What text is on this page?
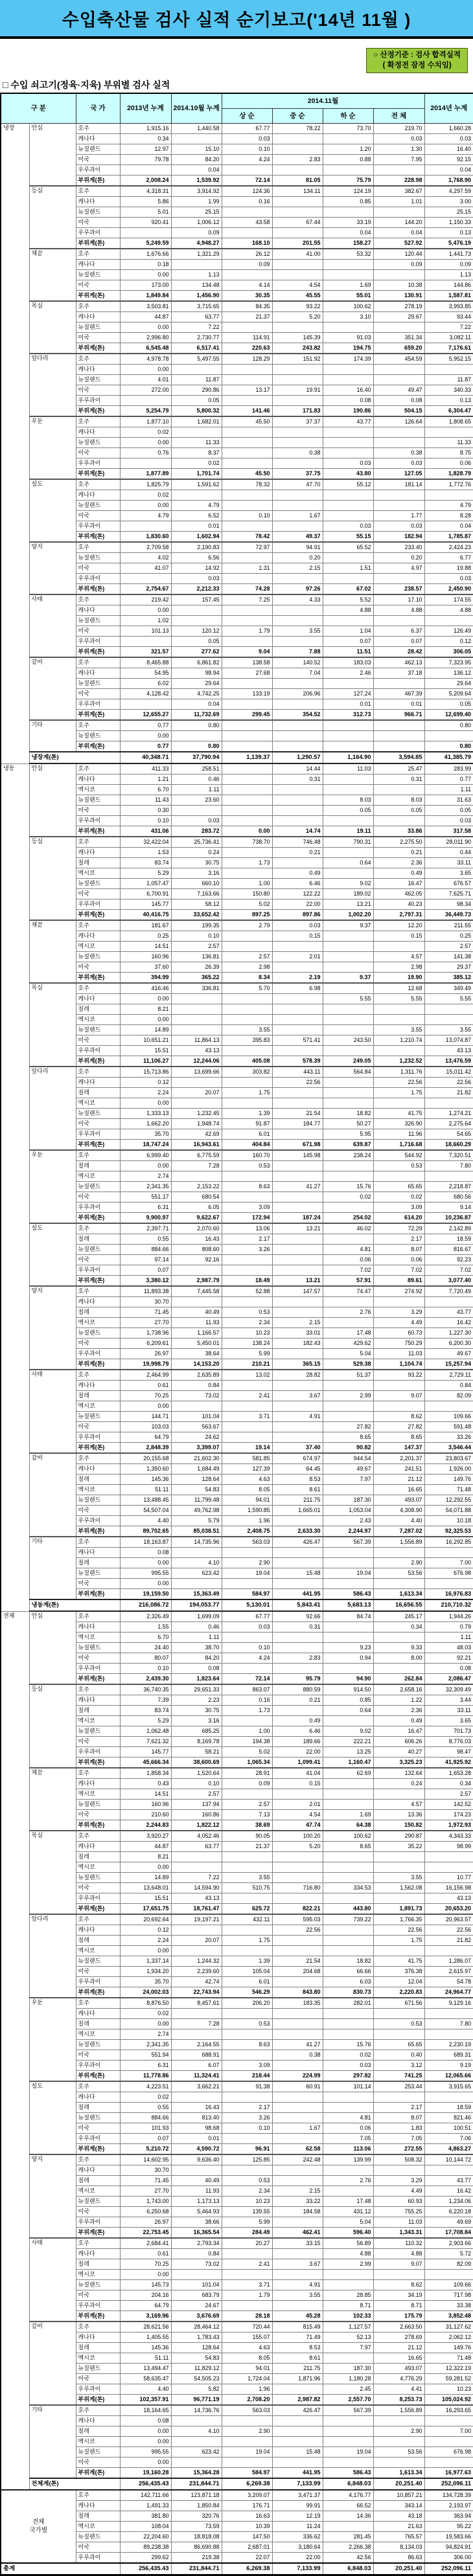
수입축산물 검사 실적 순기보고('14년 11월 )
○ 산정기준 : 검사 합격실적
( 확정전 잠정 수치임)
□ 수입 쇠고기(정육·지육) 부위별 검사 실적
구 분		국 가	2013년 누계	2014.10월 누계	2014.11월				2014년 누계
					상 순	중 순	하 순	전 체	
냉장	안심	호주	1,915.16	1,440.58	67.77	78.22	73.70	219.70	1,660.28
		캐나다	0.34		0.03			0.03	0.03
		뉴질랜드	12.97	15.10	0.10		1.20	1.30	16.40
		미국	79.78	84.20	4.24	2.83	0.88	7.95	92.15
		우루과이		0.04					0.04
		부위계(톤)	2,008.24	1,539.92	72.14	81.05	75.79	228.98	1,768.90
	등심	호주	4,318.31	3,914.92	124.36	134.11	124.19	382.67	4,297.59
		캐나다	5.86	1.99	0.16		0.85	1.01	3.00
		뉴질랜드	5.01	25.15					25.15
		미국	920.41	1,006.12	43.58	67.44	33.19	144.20	1,150.33
		우루과이		0.09			0.04	0.04	0.13
		부위계(톤)	5,249.59	4,948.27	168.10	201.55	158.27	527.92	5,476.19
	채끝	호주	1,676.66	1,321.29	26.12	41.00	53.32	120.44	1,441.73
		캐나다	0.18		0.09			0.09	0.09
		뉴질랜드	0.00	1.13					1.13
		미국	173.00	134.48	4.14	4.54	1.69	10.38	144.86
		부위계(톤)	1,849.84	1,456.90	30.35	45.55	55.01	130.91	1,587.81
	목심	호주	3,503.81	3,715.65	84.35	93.22	100.62	278.19	3,993.85
		캐나다	44.87	63.77	21.37	5.20	3.10	29.67	93.44
		뉴질랜드	0.00	7.22					7.22
		미국	2,996.80	2,730.77	114.91	145.39	91.03	351.34	3,082.11
		부위계(톤)	6,545.48	6,517.41	220.63	243.82	194.75	659.20	7,176.61
	앞다리	호주	4,978.78	5,497.55	128.29	151.92	174.39	454.59	5,952.15
		캐나다	0.00						
		뉴질랜드	4.01	11.87					11.87
		미국	272.00	290.86	13.17	19.91	16.40	49.47	340.33
		우루과이		0.05			0.08	0.08	0.13
		부위계(톤)	5,254.79	5,800.32	141.46	171.83	190.86	504.15	6,304.47
	우둔	호주	1,877.10	1,682.01	45.50	37.37	43.77	126.64	1,808.65
		캐나다	0.02						
		뉴질랜드	0.00	11.33					11.33
		미국	0.76	8.37		0.38		0.38	8.75
		우루과이		0.02			0.03	0.03	0.06
		부위계(톤)	1,877.89	1,701.74	45.50	37.75	43.80	127.05	1,828.79
	설도	호주	1,825.79	1,591.62	78.32	47.70	55.12	181.14	1,772.76
		캐나다	0.02						
		뉴질랜드	0.00	4.79					4.79
		미국	4.79	6.52	0.10	1.67		1.77	8.28
		우루과이		0.01			0.03	0.03	0.04
		부위계(톤)	1,830.60	1,602.94	78.42	49.37	55.15	182.94	1,785.87
	양지	호주	2,709.58	2,190.83	72.97	94.91	65.52	233.40	2,424.23
		뉴질랜드	4.02	6.56		0.20		0.20	6.77
		미국	41.07	14.92	1.31	2.15	1.51	4.97	19.88
		우루과이		0.03					0.03
		부위계(톤)	2,754.67	2,212.33	74.28	97.26	67.02	238.57	2,450.90
	사태	호주	219.42	157.45	7.25	4.33	5.52	17.10	174.55
		캐나다	0.00				4.88	4.88	4.88
		뉴질랜드	1.02						
		미국	101.13	120.12	1.79	3.55	1.04	6.37	126.49
		우루과이		0.05			0.07	0.07	0.12
		부위계(톤)	321.57	277.62	9.04	7.88	11.51	28.42	306.05
	갈비	호주	8,465.88	6,861.82	138.58	140.52	183.03	462.13	7,323.95
		캐나다	54.95	98.94	27.68	7.04	2.46	37.18	136.12
		뉴질랜드	6.02	29.64					29.64
		미국	4,128.42	4,742.25	133.19	206.96	127.24	467.39	5,209.64
		우루과이		0.04			0.01	0.01	0.05
		부위계(톤)	12,655.27	11,732.69	299.45	354.52	312.73	966.71	12,699.40
	기타	호주	0.77	0.80					0.80
		뉴질랜드	0.00						
		부위계(톤)	0.77	0.80					0.80
	냉장계(톤)		40,348.71	37,790.94	1,139.37	1,290.57	1,164.90	3,594.85	41,385.79
냉동	안심	호주	411.33	258.51		14.44	11.03	25.47	283.99
		캐나다	1.21	0.46		0.31		0.31	0.77
		멕시코	6.70	1.11					1.11
		뉴질랜드	11.43	23.60			8.03	8.03	31.63
		미국	0.30				0.05	0.05	0.05
		우루과이	0.10	0.03					0.03
		부위계(톤)	431.06	283.72	0.00	14.74	19.11	33.86	317.58
	등심	호주	32,422.04	25,736.41	738.70	746.48	790.31	2,275.50	28,011.90
		캐나다	1.53	0.24		0.21		0.21	0.44
		칠레	83.74	30.75	1.73		0.64	2.36	33.11
		멕시코	5.29	3.16		0.49		0.49	3.65
		뉴질랜드	1,057.47	660.10	1.00	6.46	9.02	16.47	676.57
		미국	6,700.91	7,163.66	150.80	122.22	189.02	462.05	7,625.71
		우루과이	145.77	58.12	5.02	22.00	13.21	40.23	98.34
		부위계(톤)	40,416.75	33,652.42	897.25	897.86	1,002.20	2,797.31	36,449.73
	채끝	호주	181.67	199.35	2.79	0.03	9.37	12.20	211.55
		캐나다	0.25	0.10		0.15		0.15	0.25
		멕시코	14.51	2.57					2.57
		뉴질랜드	160.96	136.81	2.57	2.01		4.57	141.38
		미국	37.60	26.39	2.98			2.98	29.37
		부위계(톤)	394.99	365.22	8.34	2.19	9.37	19.90	385.12
	목심	호주	416.46	336.81	5.70	6.98		12.68	349.49
		캐나다	0.00				5.55	5.55	5.55
		칠레	8.21						
		멕시코	0.00						
		뉴질랜드	14.89		3.55			3.55	3.55
		미국	10,651.21	11,864.13	395.83	571.41	243.50	1,210.74	13,074.87
		우루과이	15.51	43.13					43.13
		부위계(톤)	11,106.27	12,244.06	405.08	578.39	249.05	1,232.52	13,476.59
	앞다리	호주	15,713.86	13,699.66	303.82	443.11	564.84	1,311.76	15,011.42
		캐나다	0.12			22.56		22.56	22.56
		칠레	2.24	20.07	1.75			1.75	21.82
		멕시코	0.00						
		뉴질랜드	1,333.13	1,232.45	1.39	21.54	18.82	41.75	1,274.21
		미국	1,662.20	1,948.74	91.87	184.77	50.27	326.90	2,275.64
		우루과이	35.70	42.69	6.01		5.95	11.96	54.65
		부위계(톤)	18,747.24	16,943.61	404.84	671.98	639.87	1,716.68	18,660.29
	우둔	호주	6,999.40	6,775.59	160.70	145.98	238.24	544.92	7,320.51
		칠레	0.00	7.28	0.53			0.53	7.80
		멕시코	2.74						
		뉴질랜드	2,341.35	2,153.22	8.63	41.27	15.76	65.65	2,218.87
		미국	551.17	680.54			0.02	0.02	680.56
		우루과이	6.31	6.05	3.09			3.09	9.14
		부위계(톤)	9,900.97	9,622.67	172.94	187.24	254.02	614.20	10,236.87
	설도	호주	2,397.71	2,070.60	13.06	13.21	46.02	72.29	2,142.89
		칠레	0.55	16.43	2.17			2.17	18.59
		뉴질랜드	884.66	808.60	3.26		4.81	8.07	816.67
		미국	97.14	92.16			0.06	0.06	92.23
		우루과이	0.07				7.02	7.02	7.02
		부위계(톤)	3,380.12	2,987.79	18.49	13.21	57.91	89.61	3,077.40
	양지	호주	11,893.38	7,445.58	52.88	147.57	74.47	274.92	7,720.49
		캐나다	30.70						
		칠레	71.45	40.49	0.53		2.76	3.29	43.77
		멕시코	27.70	11.93	2.34	2.15		4.49	16.42
		뉴질랜드	1,738.96	1,166.57	10.23	33.01	17.48	60.73	1,227.30
		미국	6,209.61	5,450.01	138.24	182.43	429.62	750.29	6,200.30
		우루과이	26.97	38.64	5.99		5.04	11.03	49.67
		부위계(톤)	19,998.79	14,153.20	210.21	365.15	529.38	1,104.74	15,257.94
	사태	호주	2,464.99	2,635.89	13.02	28.82	51.37	93.22	2,729.11
		캐나다	0.61	0.84					0.84
		칠레	70.25	73.02	2.41	3.67	2.99	9.07	82.09
		멕시코	0.00						
		뉴질랜드	144.71	101.04	3.71	4.91		8.62	109.66
		미국	103.03	563.67			27.82	27.82	591.48
		우루과이	64.79	24.62			8.65	8.65	33.26
		부위계(톤)	2,848.39	3,399.07	19.14	37.40	90.82	147.37	3,546.44
	갈비	호주	20,155.68	21,602.30	581.85	674.97	944.54	2,201.37	23,803.67
		캐나다	1,350.60	1,684.49	127.39	64.45	49.67	241.51	1,926.00
		칠레	145.36	128.64	4.63	8.53	7.97	21.12	149.76
		멕시코	51.11	54.83	8.05	8.61		16.65	71.48
		뉴질랜드	13,488.45	11,799.48	94.01	211.75	187.30	493.07	12,292.55
		미국	54,507.04	49,762.98	1,590.85	1,665.01	1,053.04	4,308.90	54,071.88
		우루과이	4.40	5.79	1.96		2.43	4.40	10.18
		부위계(톤)	89,702.65	85,038.51	2,408.75	2,633.30	2,244.97	7,287.02	92,325.53
	기타	호주	18,163.87	14,735.96	563.03	426.47	567.39	1,556.89	16,292.85
		캐나다	0.08						
		칠레	0.00	4.10	2.90			2.90	7.00
		뉴질랜드	995.55	623.42	19.04	15.48	19.04	53.56	676.98
		미국	0.00						
		부위계(톤)	19,159.50	15,363.49	584.97	441.95	586.43	1,613.34	16,976.83
	냉동계(톤)		216,086.72	194,053.77	5,130.01	5,843.41	5,683.13	16,656.55	210,710.32
전체	안심	호주	2,326.49	1,699.09	67.77	92.66	84.74	245.17	1,944.26
		캐나다	1.55	0.46	0.03	0.31		0.34	0.79
		멕시코	6.70	1.11					1.11
		뉴질랜드	24.40	38.70	0.10		9.23	9.33	48.03
		미국	80.07	84.20	4.24	2.83	0.94	8.00	92.21
		우루과이	0.10	0.08					0.08
		부위계(톤)	2,439.30	1,823.64	72.14	95.79	94.90	262.84	2,086.47
	등심	호주	36,740.35	29,651.33	863.07	880.59	914.50	2,658.16	32,309.49
		캐나다	7.39	2.23	0.16	0.21	0.85	1.22	3.44
		칠레	83.74	30.75	1.73		0.64	2.36	33.11
		멕시코	5.29	3.16		0.49		0.49	3.65
		뉴질랜드	1,062.48	685.25	1.00	6.46	9.02	16.47	701.73
		미국	7,621.32	8,169.78	194.38	189.66	222.21	606.26	8,776.03
		우루과이	145.77	58.21	5.02	22.00	13.25	40.27	98.47
		부위계(톤)	45,666.34	38,600.69	1,065.34	1,099.41	1,160.47	3,325.23	41,925.92
	채끝	호주	1,858.34	1,520.64	28.91	41.04	62.69	132.64	1,653.28
		캐나다	0.43	0.10	0.09	0.15		0.24	0.34
		멕시코	14.51	2.57					2.57
		뉴질랜드	160.96	137.94	2.57	2.01		4.57	142.52
		미국	210.60	160.86	7.13	4.54	1.69	13.36	174.23
		부위계(톤)	2,244.83	1,822.12	38.69	47.74	64.38	150.82	1,972.93
	목심	호주	3,920.27	4,052.46	90.05	100.20	100.62	290.87	4,343.33
		캐나다	44.87	63.77	21.37	5.20	8.65	35.22	98.99
		칠레	8.21						
		멕시코	0.00						
		뉴질랜드	14.89	7.22	3.55			3.55	10.77
		미국	13,648.01	14,594.90	510.75	716.80	334.53	1,562.08	16,156.98
		우루과이	15.51	43.13					43.13
		부위계(톤)	17,651.75	18,761.47	625.72	822.21	443.80	1,891.73	20,653.20
	앞다리	호주	20,692.64	19,197.21	432.11	595.03	739.22	1,766.35	20,963.57
		캐나다	0.12			22.56		22.56	22.56
		칠레	2.24	20.07	1.75			1.75	21.82
		멕시코	0.00						
		뉴질랜드	1,337.14	1,244.32	1.39	21.54	18.82	41.75	1,286.07
		미국	1,934.20	2,239.60	105.04	204.68	66.66	376.38	2,615.97
		우루과이	35.70	42.74	6.01		6.03	12.04	54.78
		부위계(톤)	24,002.03	22,743.94	546.29	843.80	830.73	2,220.83	24,964.77
	우둔	호주	8,876.50	8,457.61	206.20	183.35	282.01	671.56	9,129.16
		캐나다	0.02						
		칠레	0.00	7.28	0.53			0.53	7.80
		멕시코	2.74						
		뉴질랜드	2,341.35	2,164.55	8.63	41.27	15.76	65.65	2,230.19
		미국	551.94	688.91		0.38	0.02	0.40	689.31
		우루과이	6.31	6.07	3.09		0.03	3.12	9.19
		부위계(톤)	11,778.86	11,324.41	218.44	224.99	297.82	741.25	12,065.66
	설도	호주	4,223.51	3,662.21	91.38	60.91	101.14	253.44	3,915.65
		캐나다	0.02						
		칠레	0.55	16.43	2.17			2.17	18.59
		뉴질랜드	884.66	813.40	3.26		4.81	8.07	821.46
		미국	101.93	98.68	0.10	1.67	0.06	1.83	100.51
		우루과이	0.07	0.01			7.05	7.05	7.06
		부위계(톤)	5,210.72	4,590.72	96.91	62.58	113.06	272.55	4,863.27
	양지	호주	14,602.95	9,636.40	125.85	242.48	139.99	508.32	10,144.72
		캐나다	30.70						
		칠레	71.45	40.49	0.53		2.76	3.29	43.77
		멕시코	27.70	11.93	2.34	2.15		4.49	16.42
		뉴질랜드	1,743.00	1,173.13	10.23	33.22	17.48	60.93	1,234.06
		미국	6,250.68	5,464.93	139.55	184.58	431.12	755.25	6,220.18
		우루과이	26.97	38.66	5.99		5.04	11.03	49.69
		부위계(톤)	22,753.45	16,365.54	284.49	462.41	596.40	1,343.31	17,708.84
	사태	호주	2,684.41	2,793.34	20.27	33.15	56.89	110.32	2,903.66
		캐나다	0.61	0.84			4.88	4.88	5.72
		칠레	70.25	73.02	2.41	3.67	2.99	9.07	82.09
		멕시코	0.00						
		뉴질랜드	145.73	101.04	3.71	4.91		8.62	109.66
		미국	204.16	683.79	1.79	3.55	28.85	34.19	717.98
		우루과이	64.79	24.67			8.71	8.71	33.38
		부위계(톤)	3,169.96	3,676.69	28.18	45.28	102.33	175.79	3,852.48
	갈비	호주	28,621.56	28,464.12	720.44	815.49	1,127.57	2,663.50	31,127.62
		캐나다	1,405.55	1,783.43	155.07	71.49	52.13	278.69	2,062.12
		칠레	145.36	128.64	4.63	8.53	7.97	21.12	149.76
		멕시코	51.11	54.83	8.05	8.61		16.65	71.48
		뉴질랜드	13,494.47	11,829.12	94.01	211.75	187.30	493.07	12,322.19
		미국	58,635.47	54,505.23	1,724.04	1,871.96	1,180.28	4,776.29	59,281.52
		우루과이	4.40	5.82	1.96		2.45	4.41	10.23
		부위계(톤)	102,357.91	96,771.19	2,708.20	2,987.82	2,557.70	8,253.73	105,024.92
	기타	호주	18,164.65	14,736.76	563.03	426.47	567.39	1,556.89	16,293.65
		캐나다	0.08						
		칠레	0.00	4.10	2.90			2.90	7.00
		멕시코	0.00						
		뉴질랜드	995.55	623.42	19.04	15.48	19.04	53.56	676.98
		미국	0.00						
		부위계(톤)	19,160.28	15,364.28	584.97	441.95	586.43	1,613.34	16,977.63
	전체계(톤)		256,435.43	231,844.71	6,269.38	7,133.99	6,848.03	20,251.40	252,096.11

전체
국가별		호주	142,711.66	123,871.18	3,209.07	3,471.37	4,176.77	10,857.21	134,728.39
		캐나다	1,491.33	1,850.84	176.71	99.91	66.52	343.14	2,193.97
		칠레	381.80	320.76	16.63	12.19	14.36	43.18	363.94
		멕시코	108.04	73.59	10.39	11.24		21.63	95.22
		뉴질랜드	22,204.60	18,818.08	147.50	336.62	281.45	765.57	19,583.66
		미국	89,238.38	86,690.88	2,687.01	3,180.64	2,266.38	8,134.03	94,824.91
		우루과이	299.62	219.38	22.07	22.00	42.56	86.63	306.00
총계			256,435.43	231,844.71	6,269.38	7,133.99	6,848.03	20,251.40	252,096.11
